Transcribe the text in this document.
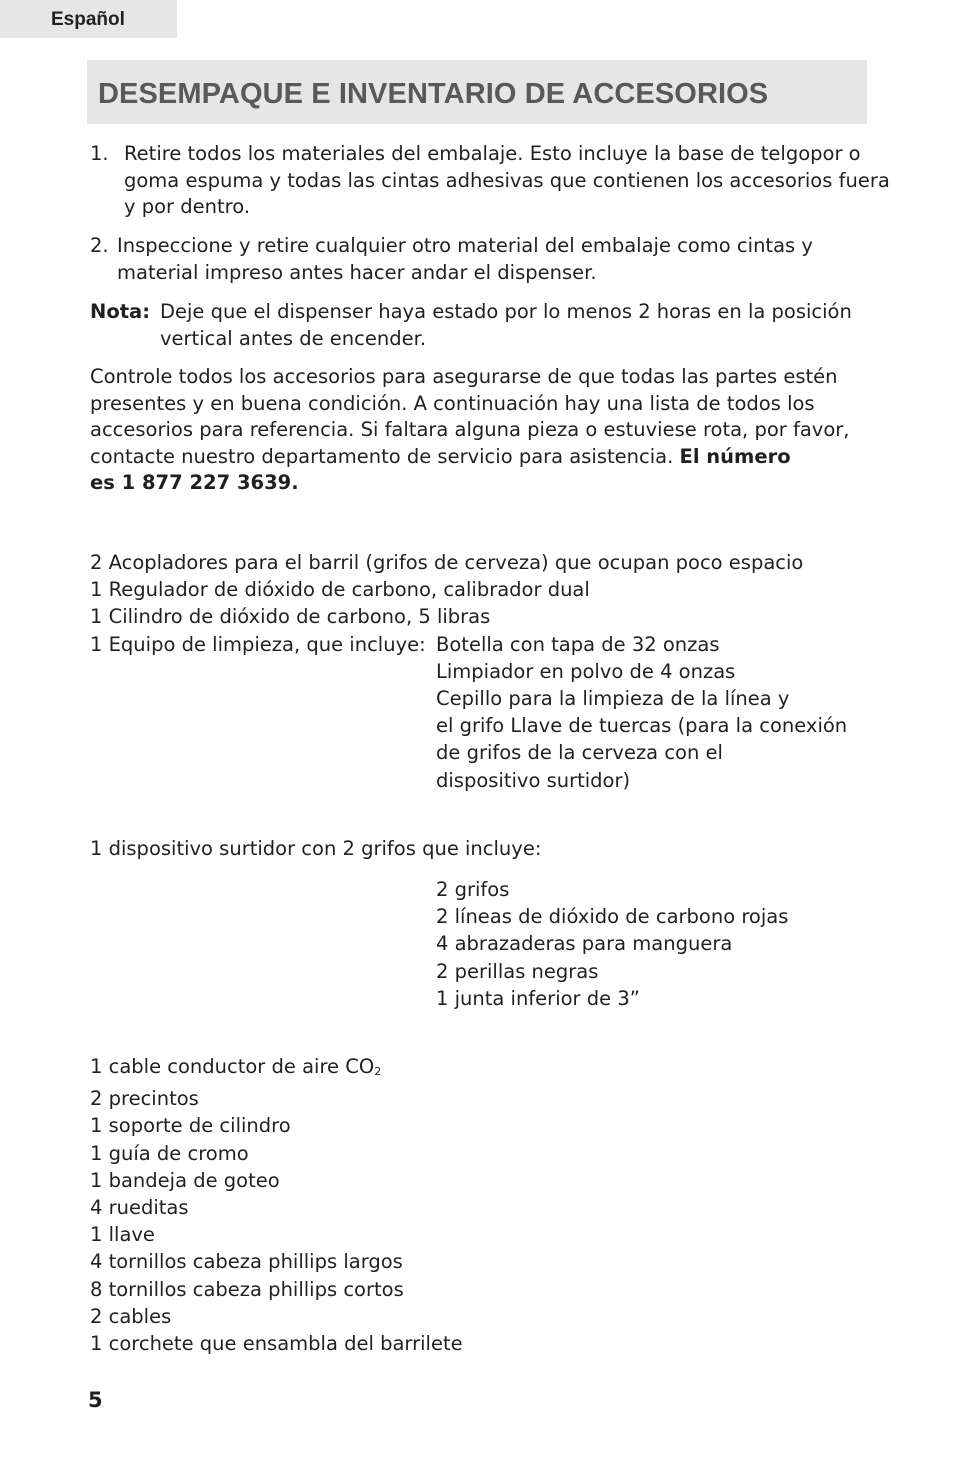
Español
DESEMPAQUE E INVENTARIO DE ACCESORIOS
1. Retire todos los materiales del embalaje. Esto incluye la base de telgopor o
goma espuma y todas las cintas adhesivas que contienen los accesorios fuera
y por dentro.
2. Inspeccione y retire cualquier otro material del embalaje como cintas y
material impreso antes hacer andar el dispenser.
Nota: Deje que el dispenser haya estado por lo menos 2 horas en la posición
vertical antes de encender.
Controle todos los accesorios para asegurarse de que todas las partes estén
presentes y en buena condición. A continuación hay una lista de todos los
accesorios para referencia. Si faltara alguna pieza o estuviese rota, por favor,
contacte nuestro departamento de servicio para asistencia. El número
es 1 877 227 3639.
2 Acopladores para el barril (grifos de cerveza) que ocupan poco espacio
1 Regulador de dióxido de carbono, calibrador dual
1 Cilindro de dióxido de carbono, 5 libras
1 Equipo de limpieza, que incluye: Botella con tapa de 32 onzas
Limpiador en polvo de 4 onzas
Cepillo para la limpieza de la línea y
el grifo Llave de tuercas (para la conexión
de grifos de la cerveza con el
dispositivo surtidor)
1 dispositivo surtidor con 2 grifos que incluye:
2 grifos
2 líneas de dióxido de carbono rojas
4 abrazaderas para manguera
2 perillas negras
1 junta inferior de 3”
1 cable conductor de aire $CO_2$
2 precintos
1 soporte de cilindro
1 guía de cromo
1 bandeja de goteo
4 rueditas
1 llave
4 tornillos cabeza phillips largos
8 tornillos cabeza phillips cortos
2 cables
1 corchete que ensambla del barrilete
5
